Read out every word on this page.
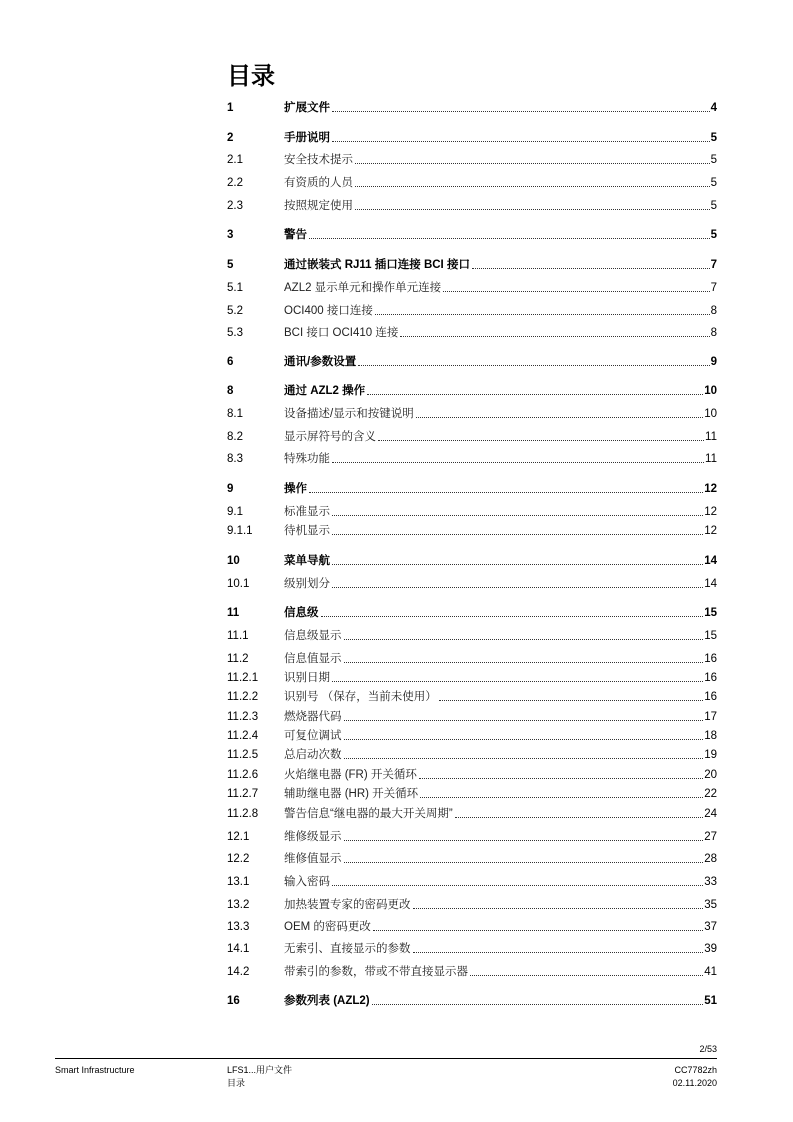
目录
1	扩展文件	4
2	手册说明	5
2.1	安全技术提示	5
2.2	有资质的人员	5
2.3	按照规定使用	5
3	警告	5
5	通过嵌装式 RJ11 插口连接 BCI 接口	7
5.1	AZL2 显示单元和操作单元连接	7
5.2	OCI400 接口连接	8
5.3	BCI 接口 OCI410 连接	8
6	通讯/参数设置	9
8	通过 AZL2 操作	10
8.1	设备描述/显示和按键说明	10
8.2	显示屏符号的含义	11
8.3	特殊功能	11
9	操作	12
9.1	标准显示	12
9.1.1	待机显示	12
10	菜单导航	14
10.1	级别划分	14
11	信息级	15
11.1	信息级显示	15
11.2	信息值显示	16
11.2.1	识别日期	16
11.2.2	识别号 （保存，当前未使用）	16
11.2.3	燃烧器代码	17
11.2.4	可复位调试	18
11.2.5	总启动次数	19
11.2.6	火焰继电器 (FR) 开关循环	20
11.2.7	辅助继电器 (HR) 开关循环	22
11.2.8	警告信息“继电器的最大开关周期”	24
12.1	维修级显示	27
12.2	维修值显示	28
13.1	输入密码	33
13.2	加热装置专家的密码更改	35
13.3	OEM 的密码更改	37
14.1	无索引、直接显示的参数	39
14.2	带索引的参数，带或不带直接显示器	41
16	参数列表 (AZL2)	51
2/53
Smart Infrastructure	LFS1...用户文件
目录
CC7782zh
02.11.2020
